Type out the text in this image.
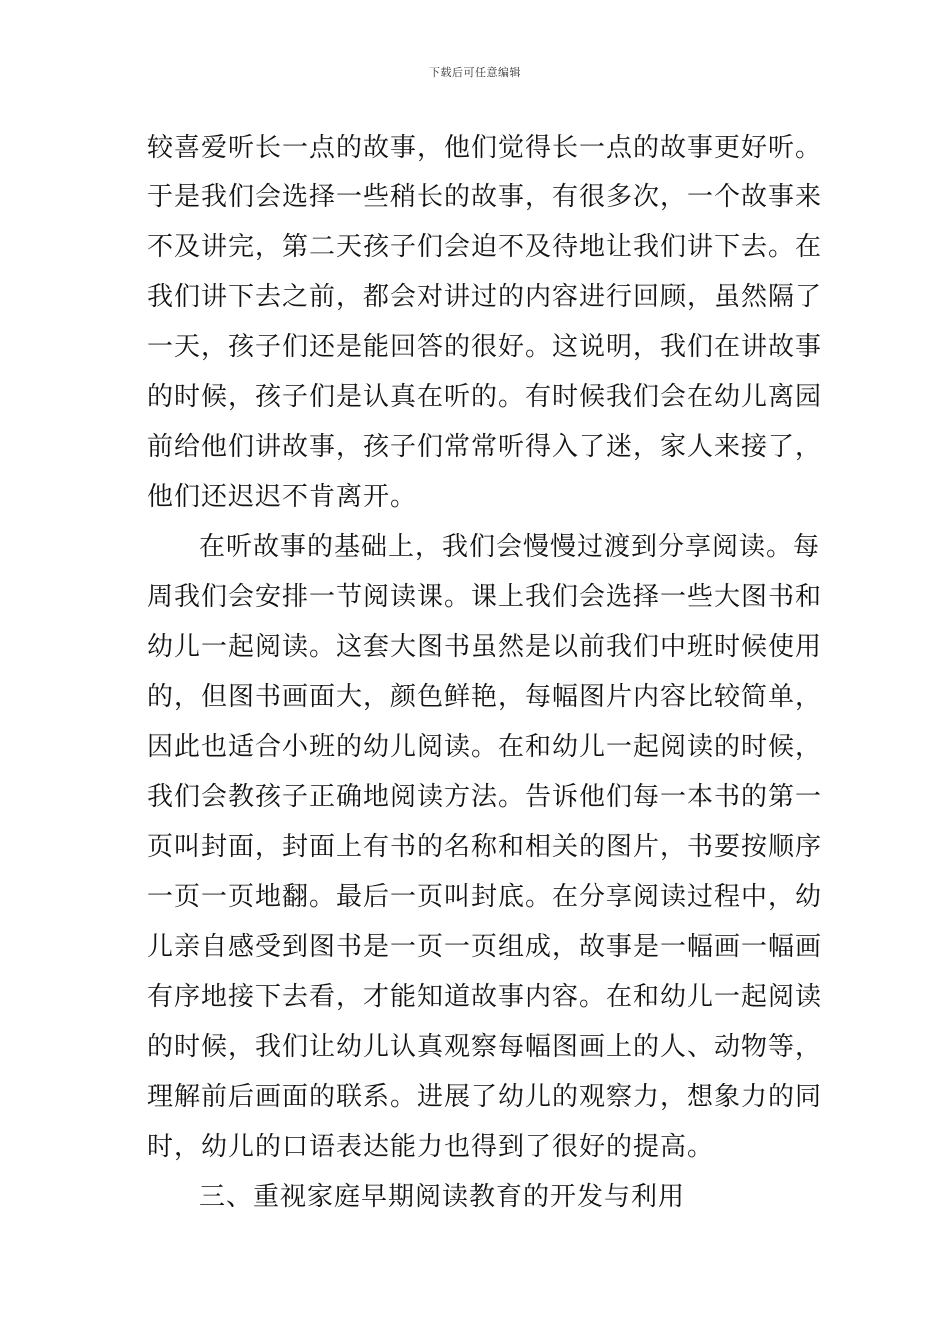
下载后可任意编辑
较喜爱听长一点的故事，他们觉得长一点的故事更好听。
于是我们会选择一些稍长的故事，有很多次，一个故事来
不及讲完，第二天孩子们会迫不及待地让我们讲下去。在
我们讲下去之前，都会对讲过的内容进行回顾，虽然隔了
一天，孩子们还是能回答的很好。这说明，我们在讲故事
的时候，孩子们是认真在听的。有时候我们会在幼儿离园
前给他们讲故事，孩子们常常听得入了迷，家人来接了，
他们还迟迟不肯离开。
在听故事的基础上，我们会慢慢过渡到分享阅读。每
周我们会安排一节阅读课。课上我们会选择一些大图书和
幼儿一起阅读。这套大图书虽然是以前我们中班时候使用
的，但图书画面大，颜色鲜艳，每幅图片内容比较简单，
因此也适合小班的幼儿阅读。在和幼儿一起阅读的时候，
我们会教孩子正确地阅读方法。告诉他们每一本书的第一
页叫封面，封面上有书的名称和相关的图片，书要按顺序
一页一页地翻。最后一页叫封底。在分享阅读过程中，幼
儿亲自感受到图书是一页一页组成，故事是一幅画一幅画
有序地接下去看，才能知道故事内容。在和幼儿一起阅读
的时候，我们让幼儿认真观察每幅图画上的人、动物等，
理解前后画面的联系。进展了幼儿的观察力，想象力的同
时，幼儿的口语表达能力也得到了很好的提高。
三、重视家庭早期阅读教育的开发与利用
